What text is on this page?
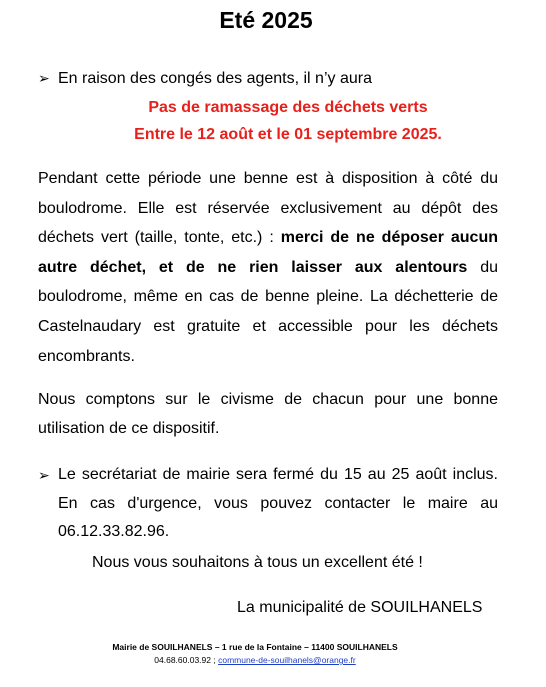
Eté 2025
➢ En raison des congés des agents, il n’y aura
Pas de ramassage des déchets verts
Entre le 12 août et le 01 septembre 2025.
Pendant cette période une benne est à disposition à côté du boulodrome. Elle est réservée exclusivement au dépôt des déchets vert (taille, tonte, etc.) : merci de ne déposer aucun autre déchet, et de ne rien laisser aux alentours du boulodrome, même en cas de benne pleine. La déchetterie de Castelnaudary est gratuite et accessible pour les déchets encombrants.
Nous comptons sur le civisme de chacun pour une bonne utilisation de ce dispositif.
➢ Le secrétariat de mairie sera fermé du 15 au 25 août inclus. En cas d'urgence, vous pouvez contacter le maire au 06.12.33.82.96.
Nous vous souhaitons à tous un excellent été !
La municipalité de SOUILHANELS
Mairie de SOUILHANELS – 1 rue de la Fontaine – 11400 SOUILHANELS
04.68.60.03.92 ; commune-de-souilhanels@orange.fr
